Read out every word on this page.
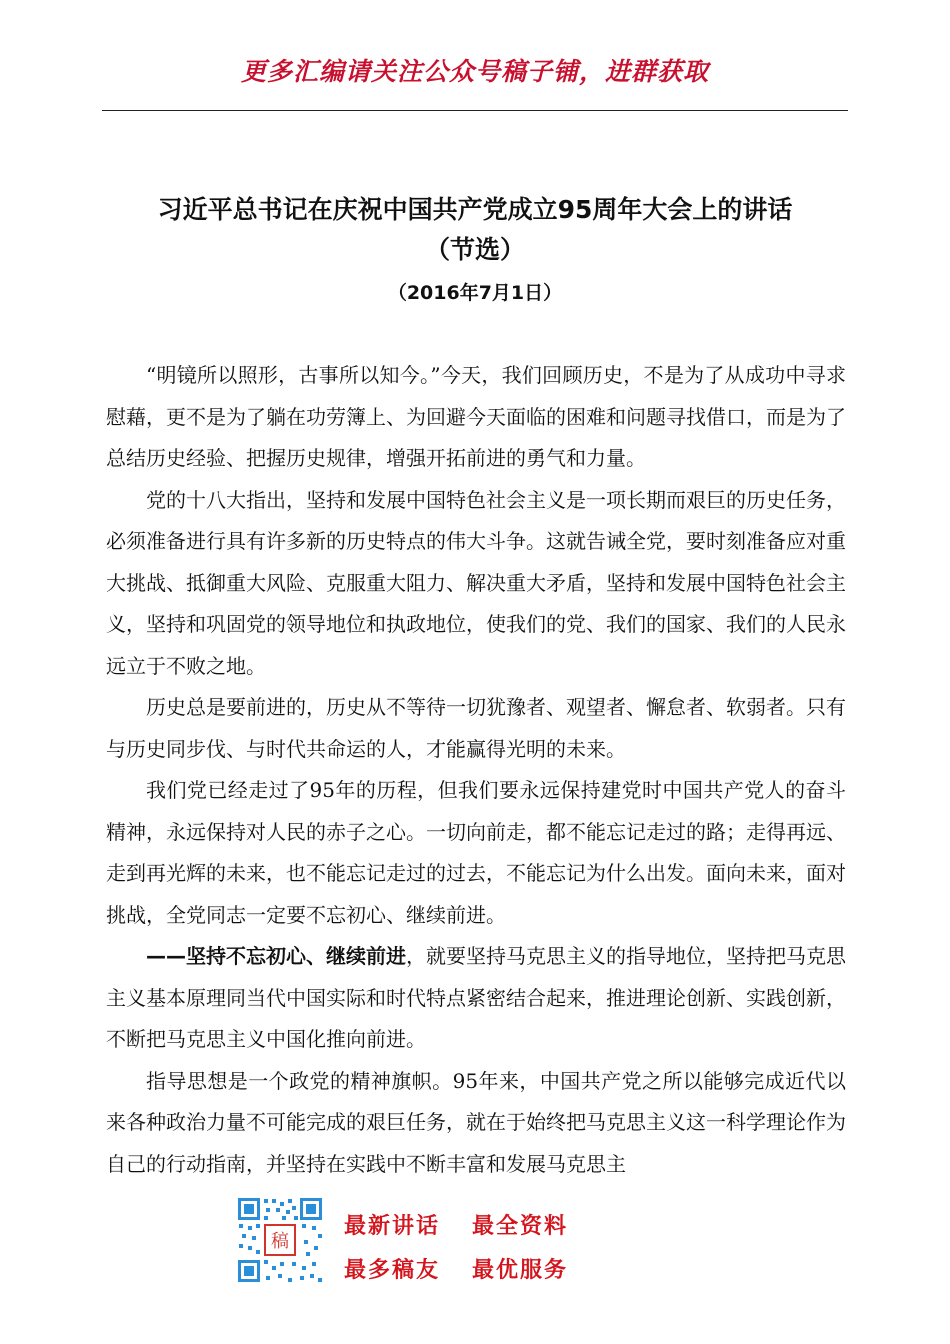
更多汇编请关注公众号稿子铺，进群获取
习近平总书记在庆祝中国共产党成立95周年大会上的讲话
（节选）
（2016年7月1日）

“明镜所以照形，古事所以知今。”今天，我们回顾历史，不是为了从成功中寻求慰藉，更不是为了躺在功劳簿上、为回避今天面临的困难和问题寻找借口，而是为了总结历史经验、把握历史规律，增强开拓前进的勇气和力量。

党的十八大指出，坚持和发展中国特色社会主义是一项长期而艰巨的历史任务，必须准备进行具有许多新的历史特点的伟大斗争。这就告诫全党，要时刻准备应对重大挑战、抵御重大风险、克服重大阻力、解决重大矛盾，坚持和发展中国特色社会主义，坚持和巩固党的领导地位和执政地位，使我们的党、我们的国家、我们的人民永远立于不败之地。

历史总是要前进的，历史从不等待一切犹豫者、观望者、懈怠者、软弱者。只有与历史同步伐、与时代共命运的人，才能赢得光明的未来。

我们党已经走过了95年的历程，但我们要永远保持建党时中国共产党人的奋斗精神，永远保持对人民的赤子之心。一切向前走，都不能忘记走过的路；走得再远、走到再光辉的未来，也不能忘记走过的过去，不能忘记为什么出发。面向未来，面对挑战，全党同志一定要不忘初心、继续前进。

——坚持不忘初心、继续前进，就要坚持马克思主义的指导地位，坚持把马克思主义基本原理同当代中国实际和时代特点紧密结合起来，推进理论创新、实践创新，不断把马克思主义中国化推向前进。

指导思想是一个政党的精神旗帜。95年来，中国共产党之所以能够完成近代以来各种政治力量不可能完成的艰巨任务，就在于始终把马克思主义这一科学理论作为自己的行动指南，并坚持在实践中不断丰富和发展马克思主

稿
最新讲话 最全资料
最多稿友 最优服务
